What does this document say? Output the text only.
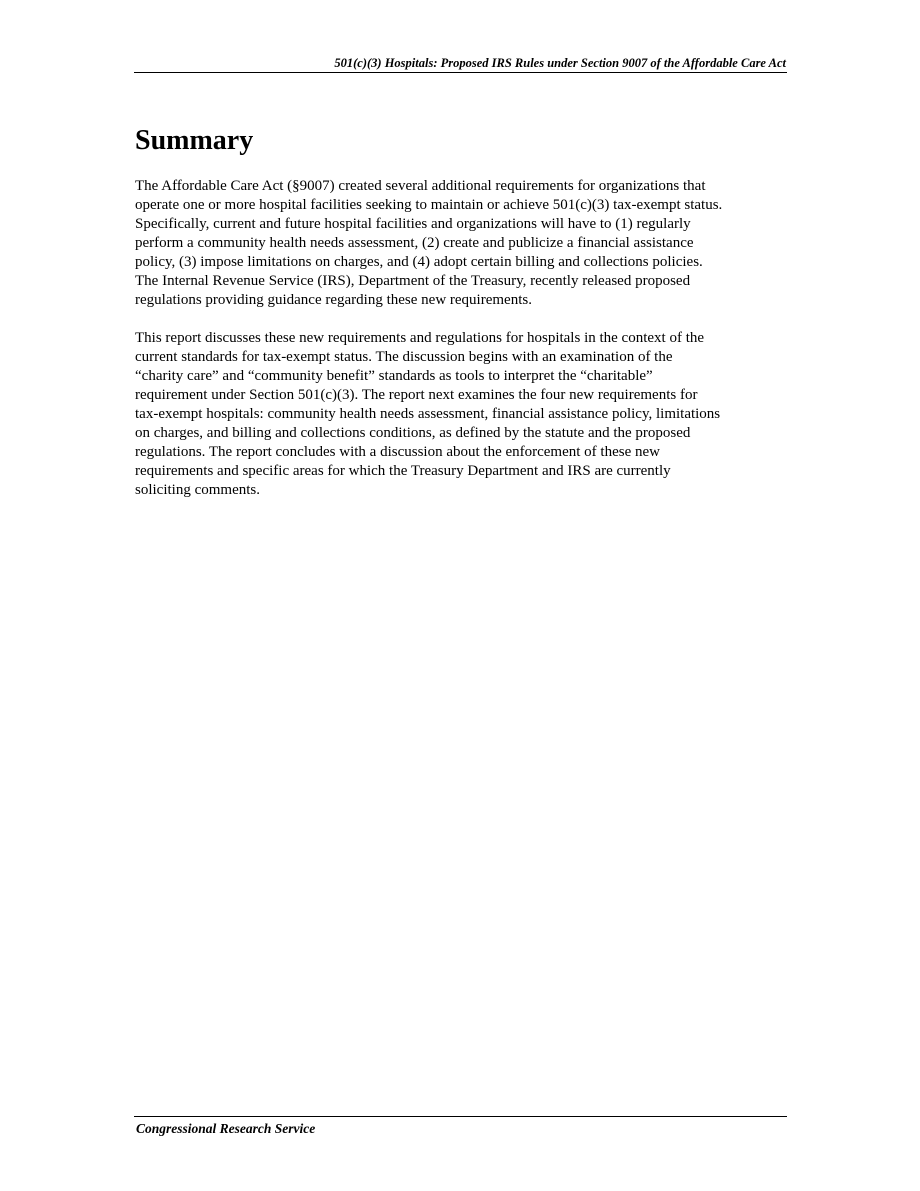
501(c)(3) Hospitals: Proposed IRS Rules under Section 9007 of the Affordable Care Act
Summary

The Affordable Care Act (§9007) created several additional requirements for organizations that
operate one or more hospital facilities seeking to maintain or achieve 501(c)(3) tax-exempt status.
Specifically, current and future hospital facilities and organizations will have to (1) regularly
perform a community health needs assessment, (2) create and publicize a financial assistance
policy, (3) impose limitations on charges, and (4) adopt certain billing and collections policies.
The Internal Revenue Service (IRS), Department of the Treasury, recently released proposed
regulations providing guidance regarding these new requirements.

This report discusses these new requirements and regulations for hospitals in the context of the
current standards for tax-exempt status. The discussion begins with an examination of the
“charity care” and “community benefit” standards as tools to interpret the “charitable”
requirement under Section 501(c)(3). The report next examines the four new requirements for
tax-exempt hospitals: community health needs assessment, financial assistance policy, limitations
on charges, and billing and collections conditions, as defined by the statute and the proposed
regulations. The report concludes with a discussion about the enforcement of these new
requirements and specific areas for which the Treasury Department and IRS are currently
soliciting comments.

Congressional Research Service
